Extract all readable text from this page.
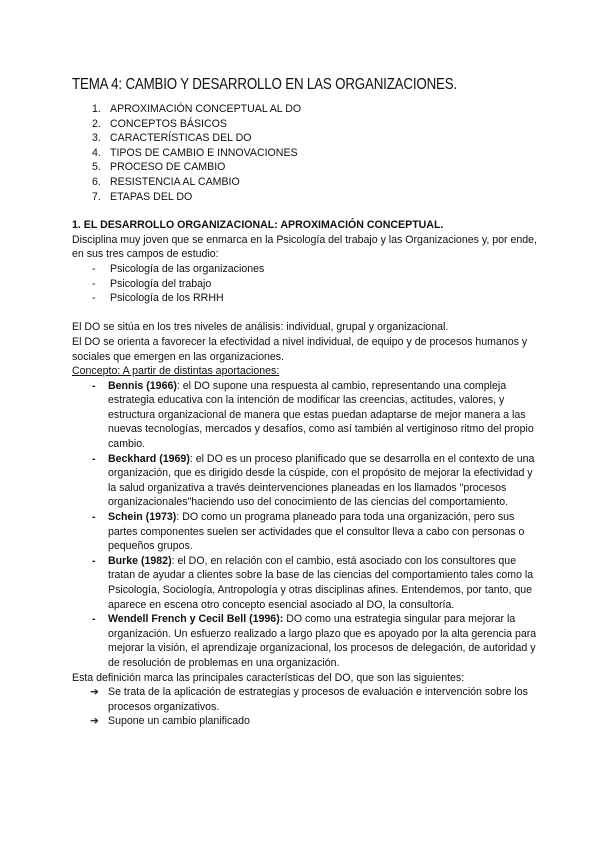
TEMA 4: CAMBIO Y DESARROLLO EN LAS ORGANIZACIONES.
1. APROXIMACIÓN CONCEPTUAL AL DO
2. CONCEPTOS BÁSICOS
3. CARACTERÍSTICAS DEL DO
4. TIPOS DE CAMBIO E INNOVACIONES
5. PROCESO DE CAMBIO
6. RESISTENCIA AL CAMBIO
7. ETAPAS DEL DO
1. EL DESARROLLO ORGANIZACIONAL: APROXIMACIÓN CONCEPTUAL.

Disciplina muy joven que se enmarca en la Psicología del trabajo y las Organizaciones y, por ende, en sus tres campos de estudio:

-	Psicología de las organizaciones
-	Psicología del trabajo
-	Psicología de los RRHH

El DO se sitúa en los tres niveles de análisis: individual, grupal y organizacional.

El DO se orienta a favorecer la efectividad a nivel individual, de equipo y de procesos humanos y sociales que emergen en las organizaciones.

Concepto: A partir de distintas aportaciones:

-	Bennis (1966): el DO supone una respuesta al cambio, representando una compleja estrategia educativa con la intención de modificar las creencias, actitudes, valores, y estructura organizacional de manera que estas puedan adaptarse de mejor manera a las nuevas tecnologías, mercados y desafíos, como así también al vertiginoso ritmo del propio cambio.
-	Beckhard (1969): el DO es un proceso planificado que se desarrolla en el contexto de una organización, que es dirigido desde la cúspide, con el propósito de mejorar la efectividad y la salud organizativa a través deintervenciones planeadas en los llamados "procesos organizacionales"haciendo uso del conocimiento de las ciencias del comportamiento.
-	Schein (1973): DO como un programa planeado para toda una organización, pero sus partes componentes suelen ser actividades que el consultor lleva a cabo con personas o pequeños grupos.
-	Burke (1982): el DO, en relación con el cambio, está asociado con los consultores que tratan de ayudar a clientes sobre la base de las ciencias del comportamiento tales como la Psicología, Sociología, Antropología y otras disciplinas afines. Entendemos, por tanto, que aparece en escena otro concepto esencial asociado al DO, la consultoría.
-	Wendell French y Cecil Bell (1996): DO como una estrategia singular para mejorar la organización. Un esfuerzo realizado a largo plazo que es apoyado por la alta gerencia para mejorar la visión, el aprendizaje organizacional, los procesos de delegación, de autoridad y de resolución de problemas en una organización.

Esta definición marca las principales características del DO, que son las siguientes:

➔ Se trata de la aplicación de estrategias y procesos de evaluación e intervención sobre los procesos organizativos.
➔ Supone un cambio planificado
